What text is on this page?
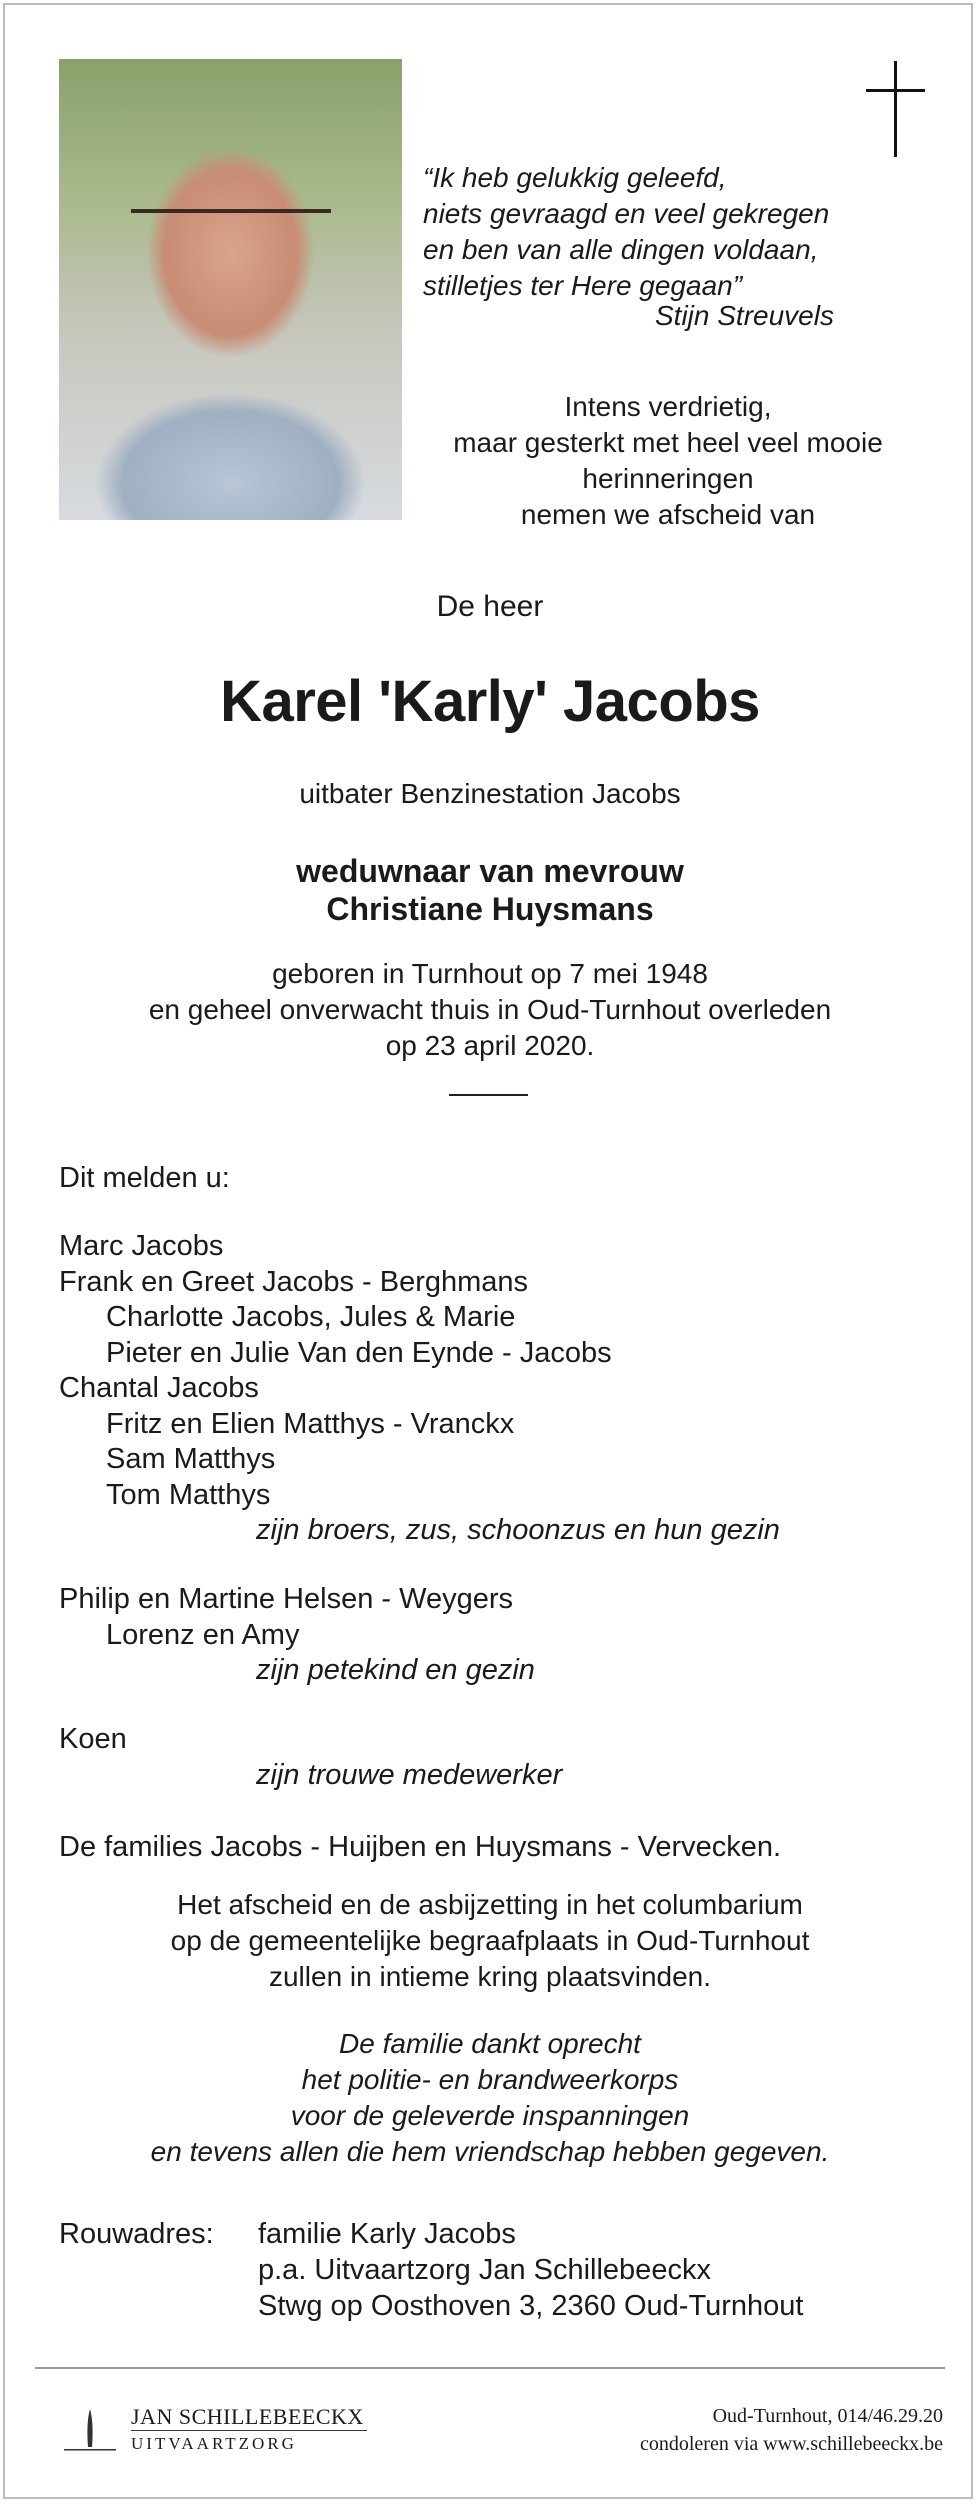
“Ik heb gelukkig geleefd,
niets gevraagd en veel gekregen
en ben van alle dingen voldaan,
stilletjes ter Here gegaan”
Stijn Streuvels
Intens verdrietig,
maar gesterkt met heel veel mooie
herinneringen
nemen we afscheid van
De heer
Karel 'Karly' Jacobs
uitbater Benzinestation Jacobs
weduwnaar van mevrouw
Christiane Huysmans
geboren in Turnhout op 7 mei 1948
en geheel onverwacht thuis in Oud-Turnhout overleden
op 23 april 2020.
Dit melden u:
Marc Jacobs
Frank en Greet Jacobs - Berghmans
Charlotte Jacobs, Jules & Marie
Pieter en Julie Van den Eynde - Jacobs
Chantal Jacobs
Fritz en Elien Matthys - Vranckx
Sam Matthys
Tom Matthys
zijn broers, zus, schoonzus en hun gezin
Philip en Martine Helsen - Weygers
Lorenz en Amy
zijn petekind en gezin
Koen
zijn trouwe medewerker
De families Jacobs - Huijben en Huysmans - Vervecken.
Het afscheid en de asbijzetting in het columbarium
op de gemeentelijke begraafplaats in Oud-Turnhout
zullen in intieme kring plaatsvinden.
De familie dankt oprecht
het politie- en brandweerkorps
voor de geleverde inspanningen
en tevens allen die hem vriendschap hebben gegeven.
Rouwadres: familie Karly Jacobs
p.a. Uitvaartzorg Jan Schillebeeckx
Stwg op Oosthoven 3, 2360 Oud-Turnhout
JAN SCHILLEBEECKX
UITVAARTZORG
Oud-Turnhout, 014/46.29.20
condoleren via www.schillebeeckx.be
